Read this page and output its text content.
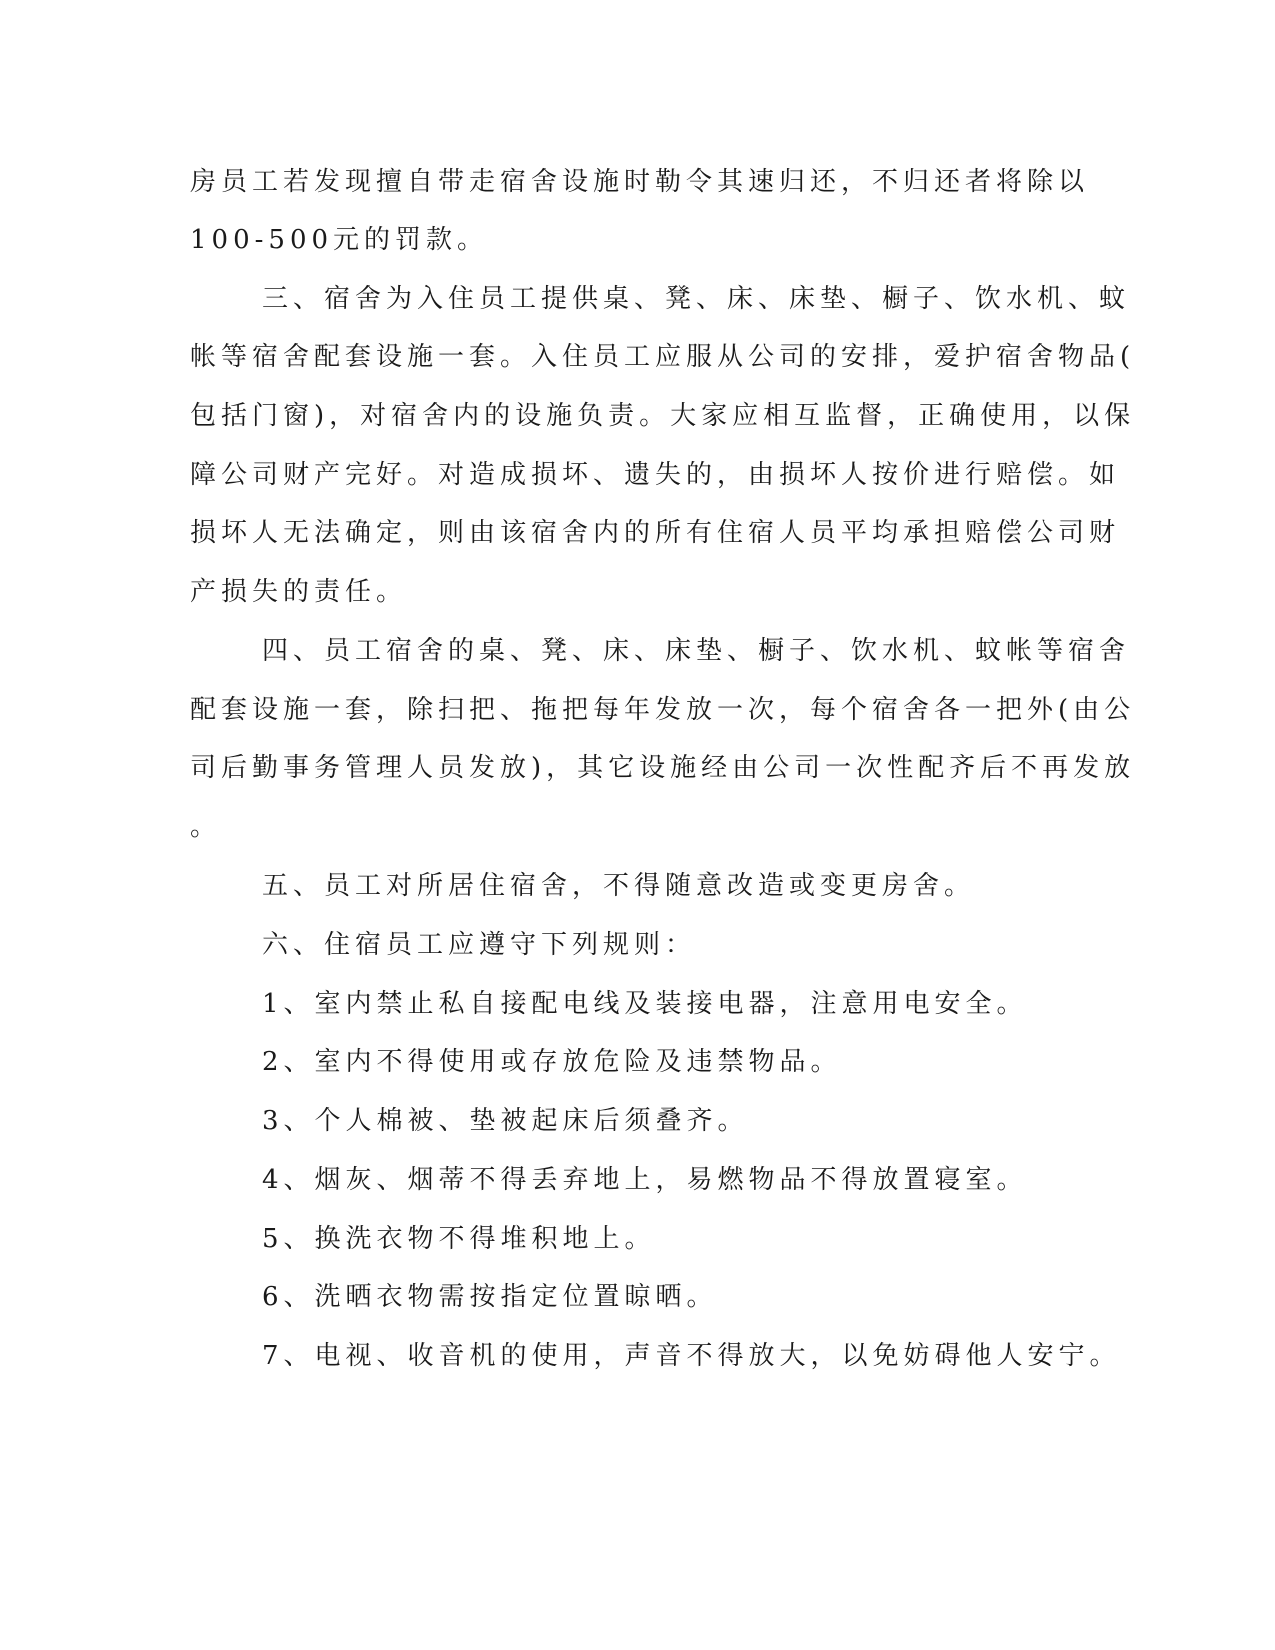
房员工若发现擅自带走宿舍设施时勒令其速归还，不归还者将除以
100-500元的罚款。
三、宿舍为入住员工提供桌、凳、床、床垫、橱子、饮水机、蚊
帐等宿舍配套设施一套。入住员工应服从公司的安排，爱护宿舍物品(
包括门窗)，对宿舍内的设施负责。大家应相互监督，正确使用，以保
障公司财产完好。对造成损坏、遗失的，由损坏人按价进行赔偿。如
损坏人无法确定，则由该宿舍内的所有住宿人员平均承担赔偿公司财
产损失的责任。
四、员工宿舍的桌、凳、床、床垫、橱子、饮水机、蚊帐等宿舍
配套设施一套，除扫把、拖把每年发放一次，每个宿舍各一把外(由公
司后勤事务管理人员发放)，其它设施经由公司一次性配齐后不再发放
。
五、员工对所居住宿舍，不得随意改造或变更房舍。
六、住宿员工应遵守下列规则：
1、室内禁止私自接配电线及装接电器，注意用电安全。
2、室内不得使用或存放危险及违禁物品。
3、个人棉被、垫被起床后须叠齐。
4、烟灰、烟蒂不得丢弃地上，易燃物品不得放置寝室。
5、换洗衣物不得堆积地上。
6、洗晒衣物需按指定位置晾晒。
7、电视、收音机的使用，声音不得放大，以免妨碍他人安宁。
